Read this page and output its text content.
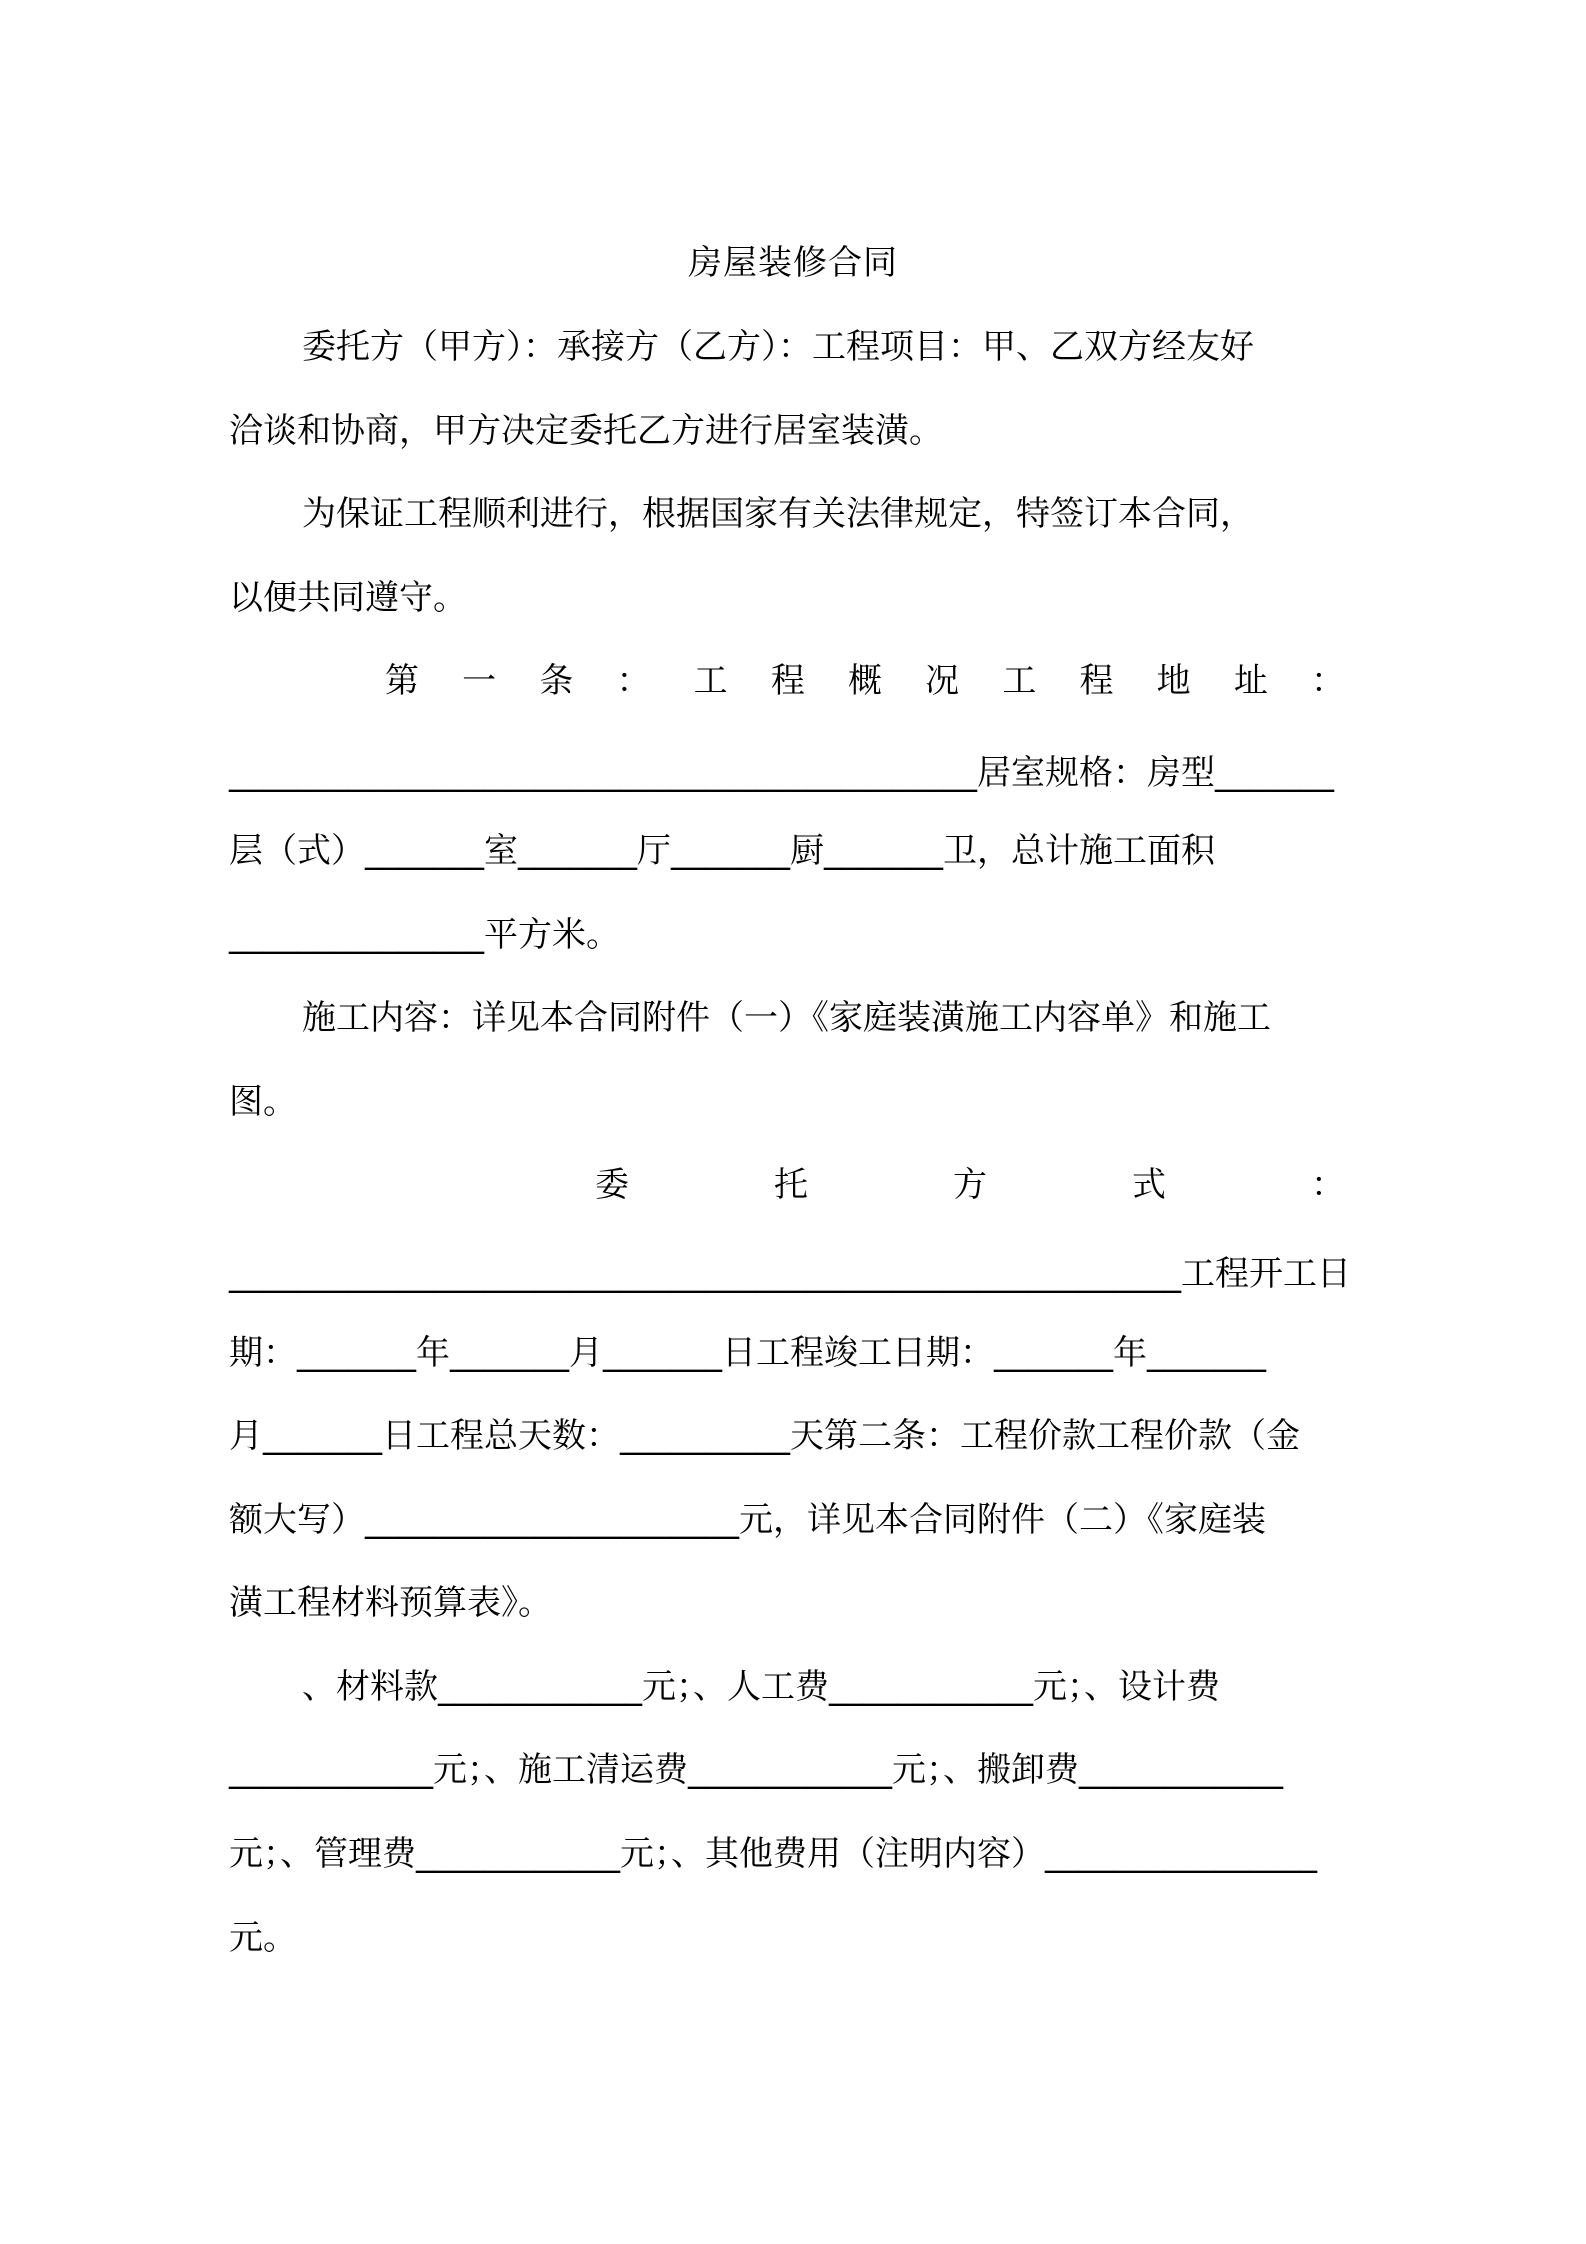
房屋装修合同
委托方（甲方）：承接方（乙方）：工程项目：甲、乙双方经友好
洽谈和协商，甲方决定委托乙方进行居室装潢。
为保证工程顺利进行，根据国家有关法律规定，特签订本合同，
以便共同遵守。
第一条：工程概况工程地址：
____________________________________________居室规格：房型_______
层（式）_______室_______厅_______厨_______卫，总计施工面积
_______________平方米。
施工内容：详见本合同附件（一）《家庭装潢施工内容单》和施工
图。
委托方式：
________________________________________________________工程开工日
期：_______年_______月_______日工程竣工日期：_______年_______
月_______日工程总天数：__________天第二条：工程价款工程价款（金
额大写）______________________元，详见本合同附件（二）《家庭装
潢工程材料预算表》。
、材料款____________元；、人工费____________元；、设计费
____________元；、施工清运费____________元；、搬卸费____________
元；、管理费____________元；、其他费用（注明内容）________________
元。
